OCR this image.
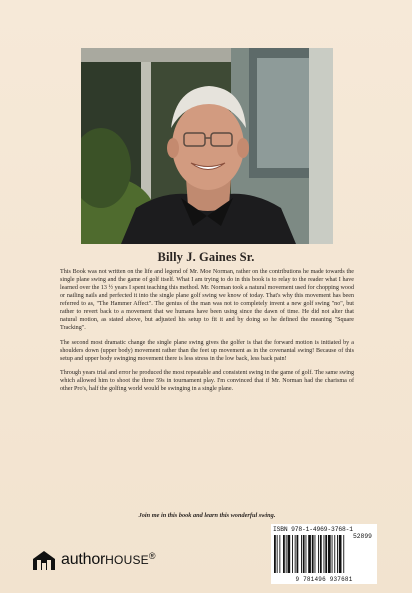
Billy J. Gaines Sr.

This Book was not written on the life and legend of Mr. Moe Norman, rather on the contributions he made towards the single plane swing and the game of golf itself. What I am trying to do in this book is to relay to the reader what I have learned over the 13 ½ years I spent teaching this method. Mr. Norman took a natural movement used for chopping wood or nailing nails and perfected it into the single plane golf swing we know of today. That's why this movement has been referred to as, "The Hammer Affect". The genius of the man was not to completely invent a new golf swing "no", but rather to revert back to a movement that we humans have been using since the dawn of time. He did not alter that natural motion, as stated above, but adjusted his setup to fit it and by doing so he defined the meaning "Square Tracking".

The second most dramatic change the single plane swing gives the golfer is that the forward motion is initiated by a shoulders down (upper body) movement rather than the feet up movement as in the covenantal swing! Because of this setup and upper body swinging movement there is less stress in the low back, less back pain!

Through years trial and error he produced the most repeatable and consistent swing in the game of golf. The same swing which allowed him to shoot the three 59s in tournament play. I'm convinced that if Mr. Norman had the charisma of other Pro's, half the golfing world would be swinging in a single plane.

Join me in this book and learn this wonderful swing.
authorHOUSE®
ISBN 978-1-4969-3768-1
9 781496 937681
52899
